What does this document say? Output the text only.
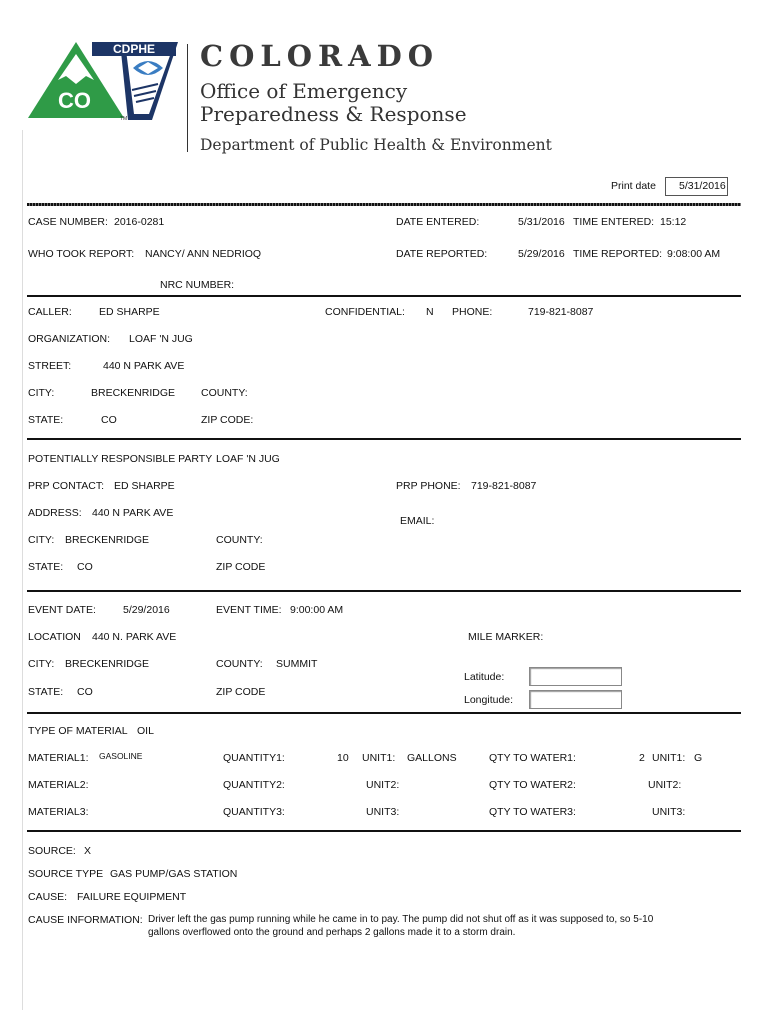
CDPHE
CO
TM
COLORADO
Office of Emergency
Preparedness & Response
Department of Public Health & Environment
Print date 5/31/2016
CASE NUMBER: 2016-0281	DATE ENTERED:	5/31/2016 TIME ENTERED: 15:12
WHO TOOK REPORT: NANCY/ ANN NEDRIOQ	DATE REPORTED:	5/29/2016 TIME REPORTED: 9:08:00 AM
NRC NUMBER:
CALLER:	ED SHARPE	CONFIDENTIAL: N PHONE:	719-821-8087
ORGANIZATION: LOAF 'N JUG
STREET:	440 N PARK AVE
CITY:	BRECKENRIDGE COUNTY:
STATE:	CO	ZIP CODE:
POTENTIALLY RESPONSIBLE PARTY LOAF 'N JUG
PRP CONTACT: ED SHARPE	PRP PHONE: 719-821-8087
ADDRESS: 440 N PARK AVE
EMAIL:
CITY: BRECKENRIDGE	COUNTY:
STATE: CO	ZIP CODE
EVENT DATE:	5/29/2016	EVENT TIME: 9:00:00 AM
LOCATION 440 N. PARK AVE	MILE MARKER:
CITY: BRECKENRIDGE	COUNTY: SUMMIT
Latitude:
STATE: CO	ZIP CODE
Longitude:
TYPE OF MATERIAL OIL
MATERIAL1: GASOLINE	QUANTITY1:	10 UNIT1: GALLONS	QTY TO WATER1:	2 UNIT1: G
MATERIAL2:	QUANTITY2:	UNIT2:	QTY TO WATER2:	UNIT2:
MATERIAL3:	QUANTITY3:	UNIT3:	QTY TO WATER3:	UNIT3:
SOURCE: X
SOURCE TYPE GAS PUMP/GAS STATION
CAUSE: FAILURE EQUIPMENT
CAUSE INFORMATION: Driver left the gas pump running while he came in to pay. The pump did not shut off as it was supposed to, so 5-10
gallons overflowed onto the ground and perhaps 2 gallons made it to a storm drain.
